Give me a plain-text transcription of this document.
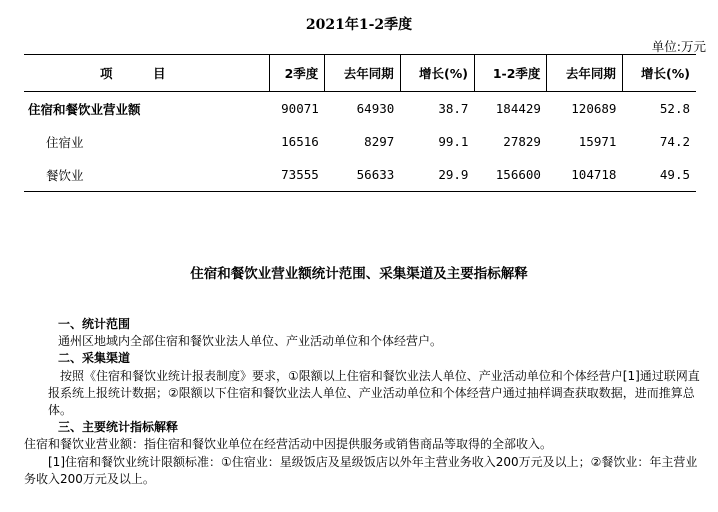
2021年1-2季度
单位:万元
项　目	2季度	去年同期	增长(%)	1-2季度	去年同期	增长(%)
住宿和餐饮业营业额	90071	64930	38.7	184429	120689	52.8
住宿业	16516	8297	99.1	27829	15971	74.2
餐饮业	73555	56633	29.9	156600	104718	49.5
住宿和餐饮业营业额统计范围、采集渠道及主要指标解释

一、统计范围

通州区地域内全部住宿和餐饮业法人单位、产业活动单位和个体经营户。

二、采集渠道

按照《住宿和餐饮业统计报表制度》要求，①限额以上住宿和餐饮业法人单位、产业活动单位和个体经营户[1]通过联网直报系统上报统计数据；②限额以下住宿和餐饮业法人单位、产业活动单位和个体经营户通过抽样调查获取数据，进而推算总体。

三、主要统计指标解释

住宿和餐饮业营业额：指住宿和餐饮业单位在经营活动中因提供服务或销售商品等取得的全部收入。

[1]住宿和餐饮业统计限额标准：①住宿业：星级饭店及星级饭店以外年主营业务收入200万元及以上；②餐饮业：年主营业务收入200万元及以上。
